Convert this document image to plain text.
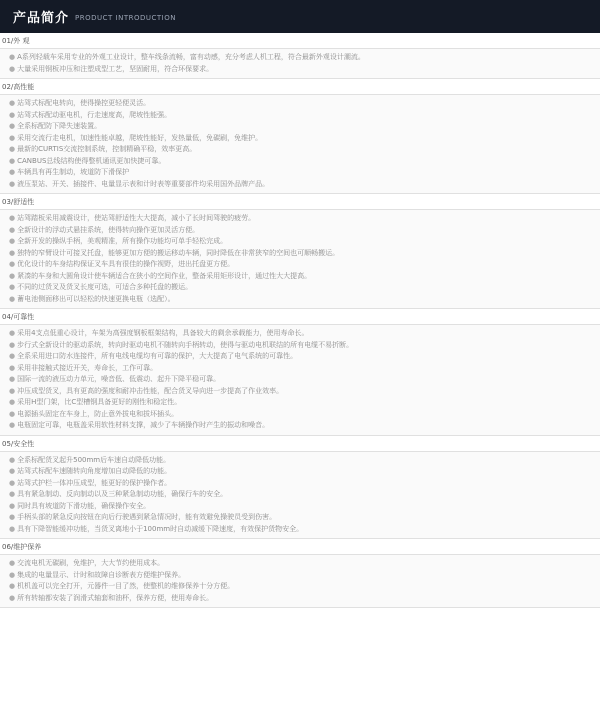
产品简介 PRODUCT INTRODUCTION
01/外 观
● A系列轻载车采用专业的外观工业设计，整车线条流畅，富有动感，充分考虑人机工程，符合最新外观设计潮流。
● 大量采用钢板冲压和注塑成型工艺，坚固耐用，符合环保要求。
02/高性能
● 站驾式标配电转向，使得操控更轻便灵活。
● 站驾式标配动驱电机，行走速度高，爬坡性能强。
● 全系标配防下降失速装置。
● 采用交流行走电机，加速性能卓越，爬坡性能好，发热量低，免碳刷，免维护。
● 最新的CURTIS交流控制系统，控制精确平稳，效率更高。
● CANBUS总线结构使得整机通讯更加快捷可靠。
● 车辆具有再生制动，坡道防下滑保护
● 液压泵站、开关、插接件、电量显示表和计时表等重要部件均采用国外品牌产品。
03/舒适性
● 站驾踏板采用减震设计，使站驾舒适性大大提高，减小了长时间驾驶的疲劳。
● 全新设计的浮动式悬挂系统，使得转向操作更加灵活方便。
● 全新开发的操纵手柄，美观精准，所有操作功能均可单手轻松完成。
● 独特的窄臂设计可接叉托盘，能够更加方便的搬运移动车辆，同时降低在非常狭窄的空间也可顺畅搬运。
● 优化设计的车身结构保证叉车具有很佳的操作视野，进出托盘更方便。
● 紧凑的车身和大圆角设计使车辆适合在狭小的空间作业，整备采用矩形设计，通过性大大提高。
● 不同的过货叉及货叉长度可选，可适合多种托盘的搬运。
● 蓄电池侧面移出可以轻松的快速更换电瓶（选配）。
04/可靠性
● 采用4支点低重心设计，车架为高强度钢板框架结构，具备较大的剩余承载能力，使用寿命长。
● 步行式全新设计的驱动系统，转向时驱动电机不随转向手柄转动，使得与驱动电机联结的所有电缆不易折断。
● 全系采用进口防水连接件，所有电线电缆均有可靠的保护，大大提高了电气系统的可靠性。
● 采用非接触式接近开关，寿命长，工作可靠。
● 国际一流的液压动力单元，噪音低、低震动、起升下降平稳可靠。
● 冲压成型货叉，具有更高的强度和耐冲击性能，配合货叉导向进一步提高了作业效率。
● 采用H型门架，比C型槽钢具备更好的刚性和稳定性。
● 电源插头固定在车身上，防止意外拔电和拔坏插头。
● 电瓶固定可靠，电瓶盖采用软性材料支撑，减少了车辆操作时产生的振动和噪音。
05/安全性
● 全系标配货叉起升500mm后车速自动降低功能。
● 站驾式标配车速随转向角度增加自动降低的功能。
● 站驾式护栏一体冲压成型，能更好的保护操作者。
● 具有紧急制动、反向制动以及三种紧急制动功能，确保行车的安全。
● 同时具有坡道防下滑功能，确保操作安全。
● 手柄头部的紧急反向按钮在向后行驶遇到紧急情况时，能有效避免操驶员受到伤害。
● 具有下降智能缓冲功能，当货叉离地小于100mm时自动减缓下降速度，有效保护货物安全。
06/维护保养
● 交流电机无碳刷，免维护，大大节约使用成本。
● 集成的电量显示、计时和故障自诊断表方便维护保养。
● 机机盖可以完全打开，元器件一目了然，使整机的维修保养十分方便。
● 所有转轴都安装了润滑式轴套和油杯，保养方便，使用寿命长。
